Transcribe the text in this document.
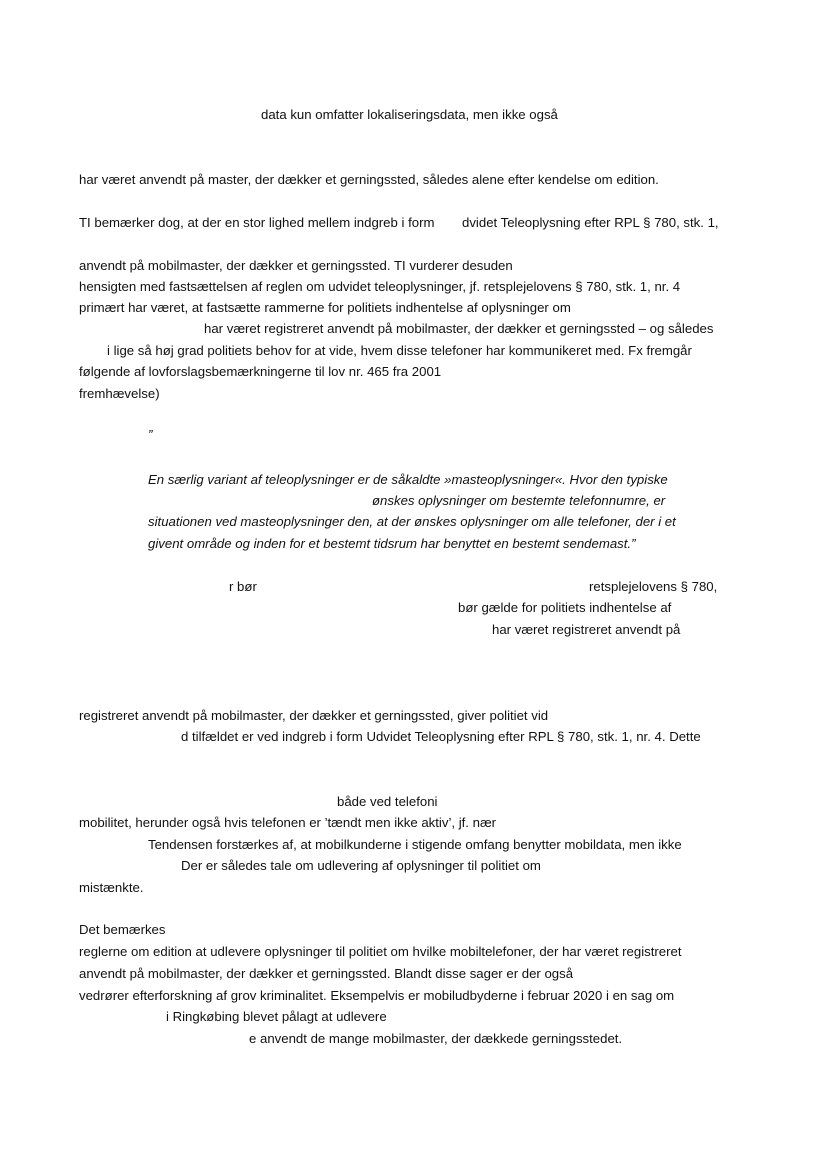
data kun omfatter lokaliseringsdata, men ikke også
har været anvendt på master, der dækker et gerningssted, således alene efter kendelse om edition.
TI bemærker dog, at der en stor lighed mellem indgreb i form dvidet Teleoplysning efter RPL § 780, stk. 1,
anvendt på mobilmaster, der dækker et gerningssted. TI vurderer desuden
hensigten med fastsættelsen af reglen om udvidet teleoplysninger, jf. retsplejelovens § 780, stk. 1, nr. 4
primært har været, at fastsætte rammerne for politiets indhentelse af oplysninger om
har været registreret anvendt på mobilmaster, der dækker et gerningssted – og således
i lige så høj grad politiets behov for at vide, hvem disse telefoner har kommunikeret med. Fx fremgår
følgende af lovforslagsbemærkningerne til lov nr. 465 fra 2001
fremhævelse)
”
En særlig variant af teleoplysninger er de såkaldte »masteoplysninger«. Hvor den typiske
ønskes oplysninger om bestemte telefonnumre, er
situationen ved masteoplysninger den, at der ønskes oplysninger om alle telefoner, der i et
givent område og inden for et bestemt tidsrum har benyttet en bestemt sendemast.”
r bør	retsplejelovens § 780,
bør gælde for politiets indhentelse af
har været registreret anvendt på
registreret anvendt på mobilmaster, der dækker et gerningssted, giver politiet vid
d tilfældet er ved indgreb i form Udvidet Teleoplysning efter RPL § 780, stk. 1, nr. 4. Dette
både ved telefoni
mobilitet, herunder også hvis telefonen er ’tændt men ikke aktiv’, jf. nær
Tendensen forstærkes af, at mobilkunderne i stigende omfang benytter mobildata, men ikke
Der er således tale om udlevering af oplysninger til politiet om
mistænkte.
Det bemærkes
reglerne om edition at udlevere oplysninger til politiet om hvilke mobiltelefoner, der har været registreret
anvendt på mobilmaster, der dækker et gerningssted. Blandt disse sager er der også
vedrører efterforskning af grov kriminalitet. Eksempelvis er mobiludbyderne i februar 2020 i en sag om
i Ringkøbing blevet pålagt at udlevere
e anvendt de mange mobilmaster, der dækkede gerningsstedet.
